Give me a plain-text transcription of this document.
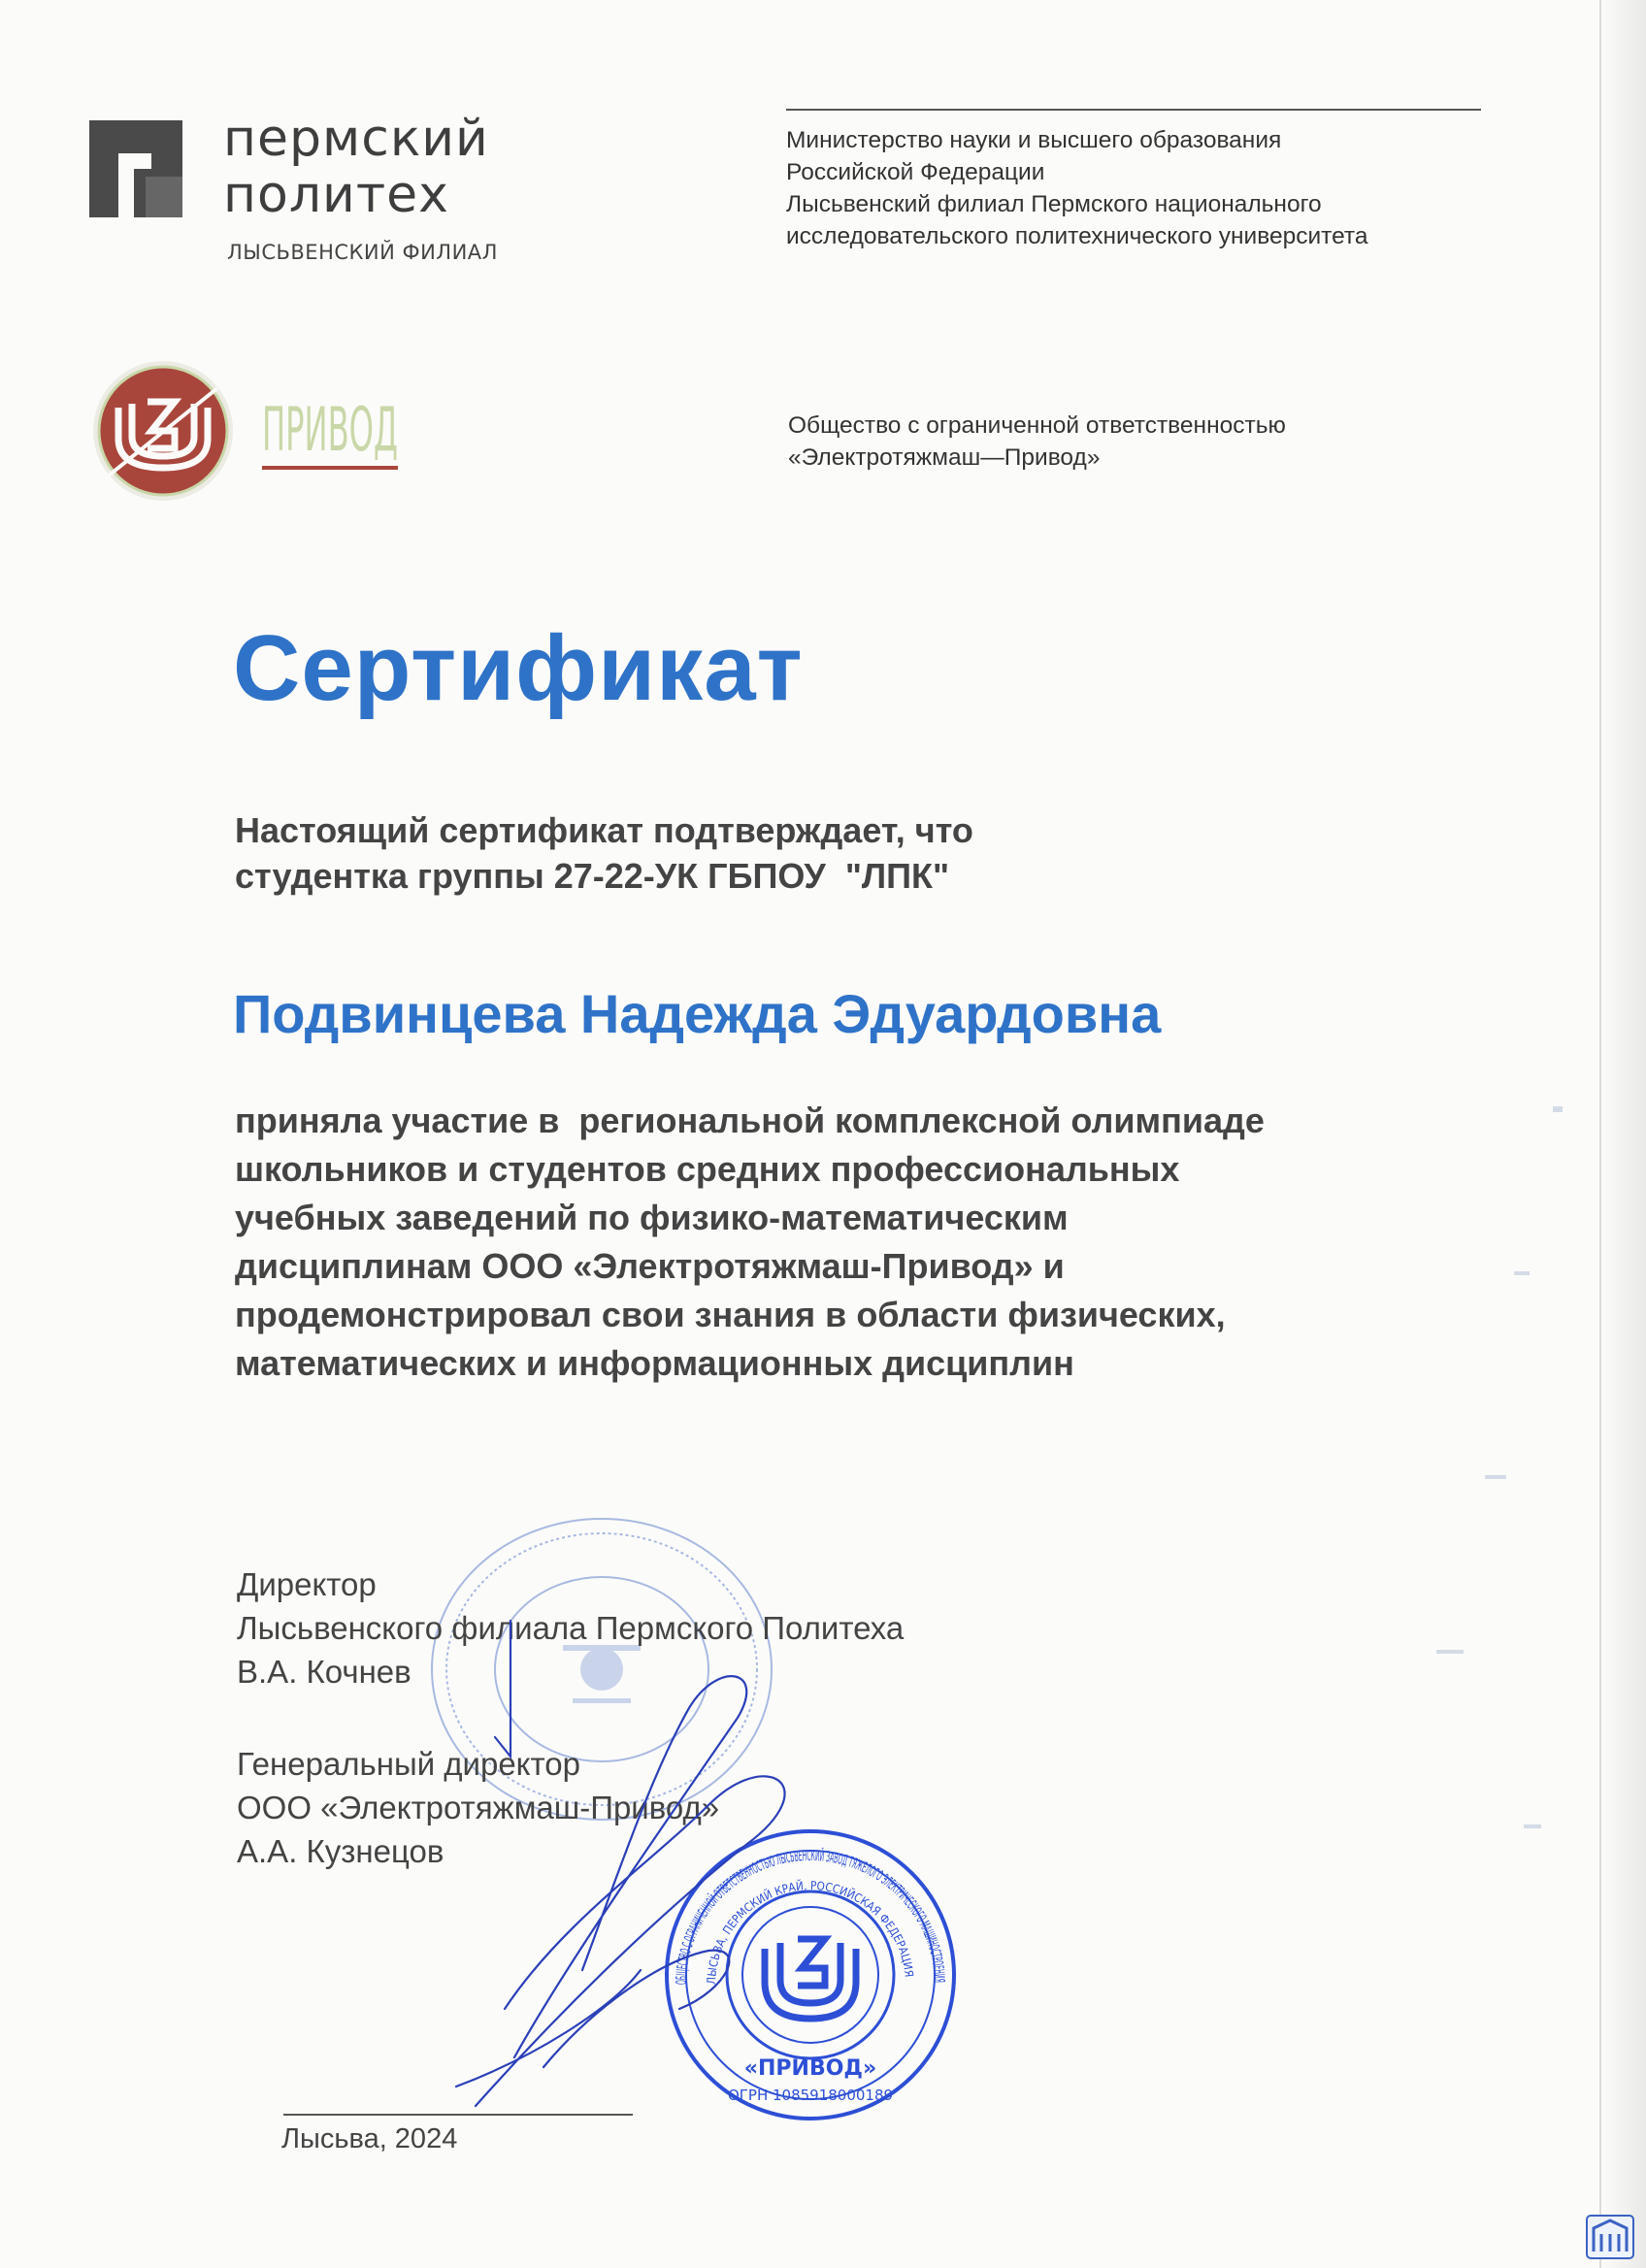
пермский
политех
ЛЫСЬВЕНСКИЙ ФИЛИАЛ
Министерство науки и высшего образования
Российской Федерации
Лысьвенский филиал Пермского национального
исследовательского политехнического университета
ПРИВОД	Общество с ограниченной ответственностью
«Электротяжмаш—Привод»
Сертификат
Настоящий сертификат подтверждает, что
студентка группы 27-22-УК ГБПОУ  "ЛПК"
Подвинцева Надежда Эдуардовна
приняла участие в  региональной комплексной олимпиаде
школьников и студентов средних профессиональных
учебных заведений по физико-математическим
дисциплинам ООО «Электротяжмаш-Привод» и
продемонстрировал свои знания в области физических,
математических и информационных дисциплин
ОБЩЕСТВО С ОГРАНИЧЕННОЙ ОТВЕТСТВЕННОСТЬЮ ЛЫСЬВЕНСКИЙ ЗАВОД ТЯЖЕЛОГО ЭЛЕКТРИЧЕСКОГО МАШИНОСТРОЕНИЯ
ЛЫСЬВА, ПЕРМСКИЙ КРАЙ, РОССИЙСКАЯ ФЕДЕРАЦИЯ
«ПРИВОД»
ОГРН 1085918000189
Директор
Лысьвенского филиала Пермского Политеха
В.А. Кочнев
Генеральный директор
ООО «Электротяжмаш-Привод»
А.А. Кузнецов
Лысьва, 2024
